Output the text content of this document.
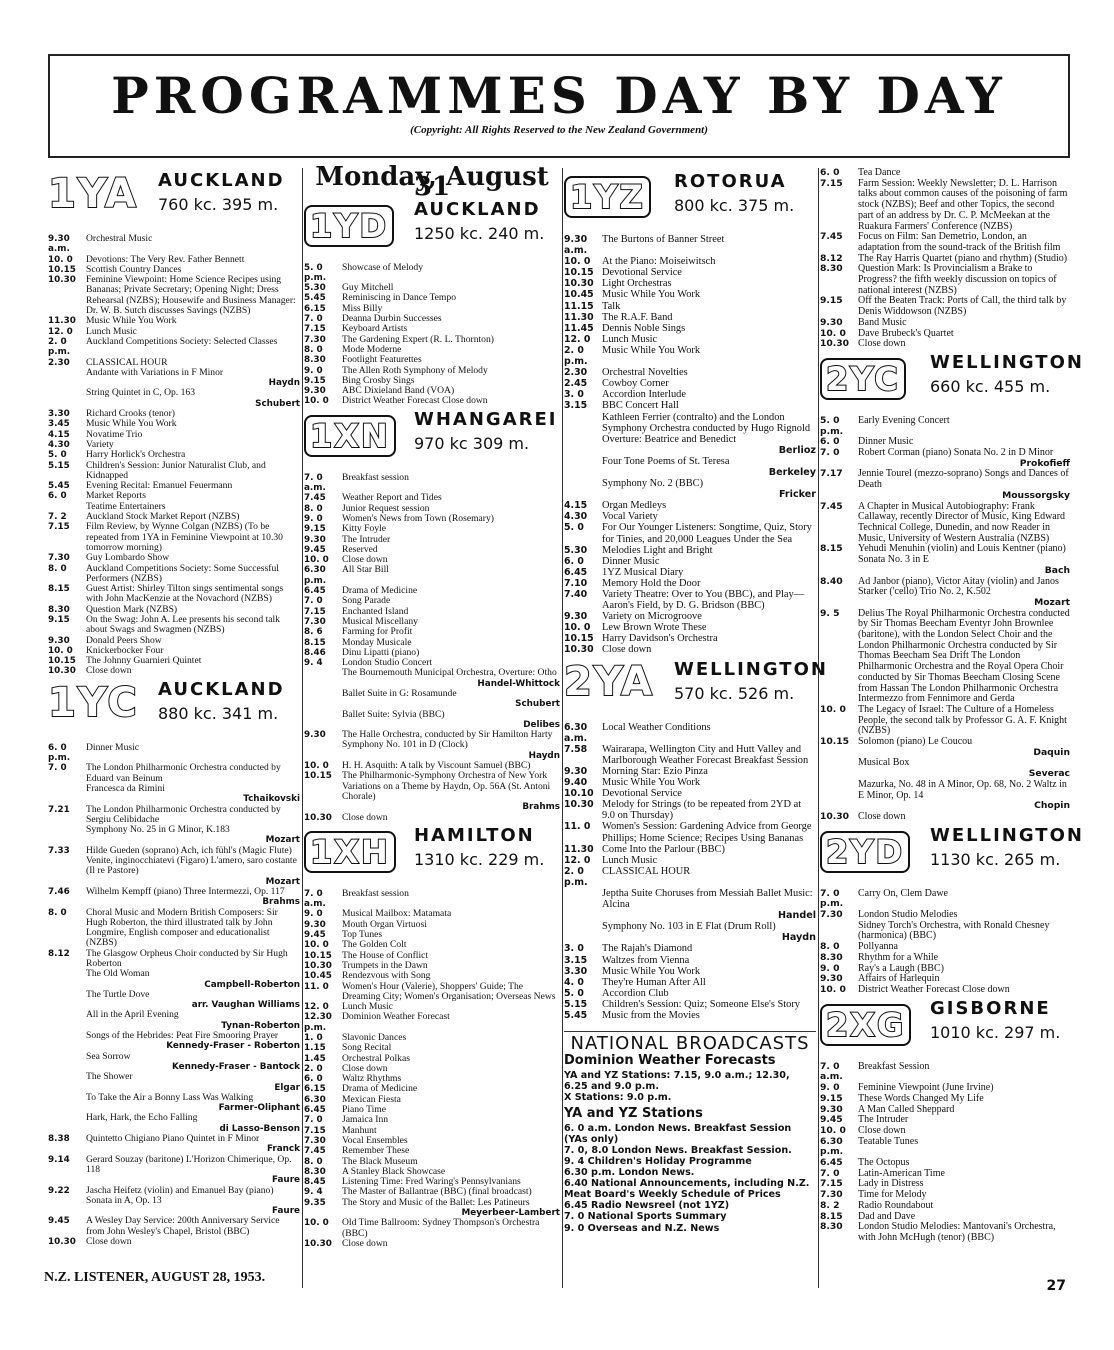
PROGRAMMES DAY BY DAY
(Copyright: All Rights Reserved to the New Zealand Government)
1YA AUCKLAND
760 kc. 395 m.
9.30 a.m.
Orchestral Music
10. 0	Devotions: The Very Rev. Father Bennett
10.15	Scottish Country Dances
10.30	Feminine Viewpoint: Home Science Recipes using Bananas; Private Secretary; Opening Night; Dress Rehearsal (NZBS); Housewife and Business Manager: Dr. W. B. Sutch discusses Savings (NZBS)
11.30	Music While You Work
12. 0	Lunch Music
2. 0 p.m.
Auckland Competitions Society: Selected Classes
2.30	CLASSICAL HOUR
Andante with Variations in F Minor
Haydn
String Quintet in C, Op. 163
Schubert
3.30	Richard Crooks (tenor)
3.45	Music While You Work
4.15	Novatime Trio
4.30	Variety
5. 0	Harry Horlick's Orchestra
5.15	Children's Session: Junior Naturalist Club, and Kidnapped
5.45	Evening Recital: Emanuel Feuermann
6. 0	Market Reports
Teatime Entertainers
7. 2	Auckland Stock Market Report (NZBS)
7.15	Film Review, by Wynne Colgan (NZBS) (To be repeated from 1YA in Feminine Viewpoint at 10.30 tomorrow morning)
7.30	Guy Lombardo Show
8. 0	Auckland Competitions Society: Some Successful Performers (NZBS)
8.15	Guest Artist: Shirley Tilton sings sentimental songs with John MacKenzie at the Novachord (NZBS)
8.30	Question Mark (NZBS)
9.15	On the Swag: John A. Lee presents his second talk about Swags and Swagmen (NZBS)
9.30	Donald Peers Show
10. 0	Knickerbocker Four
10.15	The Johnny Guarnieri Quintet
10.30	Close down
1YC AUCKLAND
880 kc. 341 m.
6. 0 p.m.
Dinner Music
7. 0	The London Philharmonic Orchestra conducted by Eduard van Beinum
Francesca da Rimini
Tchaikovski
7.21	The London Philharmonic Orchestra conducted by Sergiu Celibidache
Symphony No. 25 in G Minor, K.183
Mozart
7.33	Hilde Gueden (soprano) Ach, ich fühl's (Magic Flute) Venite, inginocchiatevi (Figaro) L'amero, saro costante (Il re Pastore)
Mozart
7.46	Wilhelm Kempff (piano) Three Intermezzi, Op. 117
Brahms
8. 0	Choral Music and Modern British Composers: Sir Hugh Roberton, the third illustrated talk by John Longmire, English composer and educationalist (NZBS)
8.12	The Glasgow Orpheus Choir conducted by Sir Hugh Roberton
The Old Woman
Campbell-Roberton
The Turtle Dove
arr. Vaughan Williams
All in the April Evening
Tynan-Roberton
Songs of the Hebrides: Peat Fire Smooring Prayer
Kennedy-Fraser - Roberton
Sea Sorrow
Kennedy-Fraser - Bantock
The Shower
Elgar
To Take the Air a Bonny Lass Was Walking
Farmer-Oliphant
Hark, Hark, the Echo Falling
di Lasso-Benson
8.38	Quintetto Chigiano Piano Quintet in F Minor
Franck
9.14	Gerard Souzay (baritone) L'Horizon Chimerique, Op. 118
Faure
9.22	Jascha Heifetz (violin) and Emanuel Bay (piano) Sonata in A, Op. 13
Faure
9.45	A Wesley Day Service: 200th Anniversary Service from John Wesley's Chapel, Bristol (BBC)
10.30	Close down
Monday, August 31
1YD	AUCKLAND
1250 kc. 240 m.
5. 0 p.m.
Showcase of Melody
5.30	Guy Mitchell
5.45	Reminiscing in Dance Tempo
6.15	Miss Billy
7. 0	Deanna Durbin Successes
7.15	Keyboard Artists
7.30	The Gardening Expert (R. L. Thornton)
8. 0	Mode Moderne
8.30	Footlight Featurettes
9. 0	The Allen Roth Symphony of Melody
9.15	Bing Crosby Sings
9.30	ABC Dixieland Band (VOA)
10. 0	District Weather Forecast Close down
1XN	WHANGAREI
970 kc 309 m.
7. 0 a.m.
Breakfast session
7.45	Weather Report and Tides
8. 0	Junior Request session
9. 0	Women's News from Town (Rosemary)
9.15	Kitty Foyle
9.30	The Intruder
9.45	Reserved
10. 0	Close down
6.30 p.m.
All Star Bill
6.45	Drama of Medicine
7. 0	Song Parade
7.15	Enchanted Island
7.30	Musical Miscellany
8. 6	Farming for Profit
8.15	Monday Musicale
8.46	Dinu Lipatti (piano)
9. 4	London Studio Concert
The Bournemouth Municipal Orchestra, Overture: Otho
Handel-Whittock
Ballet Suite in G: Rosamunde
Schubert
Ballet Suite: Sylvia (BBC)
Delibes
9.30	The Halle Orchestra, conducted by Sir Hamilton Harty Symphony No. 101 in D (Clock)
Haydn
10. 0	H. H. Asquith: A talk by Viscount Samuel (BBC)
10.15	The Philharmonic-Symphony Orchestra of New York Variations on a Theme by Haydn, Op. 56A (St. Antoni Chorale)
Brahms
10.30	Close down
1XH	HAMILTON
1310 kc. 229 m.
7. 0 a.m.
Breakfast session
9. 0	Musical Mailbox: Matamata
9.30	Mouth Organ Virtuosi
9.45	Top Tunes
10. 0	The Golden Colt
10.15	The House of Conflict
10.30	Trumpets in the Dawn
10.45	Rendezvous with Song
11. 0	Women's Hour (Valerie), Shoppers' Guide; The Dreaming City; Women's Organisation; Overseas News
12. 0	Lunch Music
12.30 p.m.
Dominion Weather Forecast
1. 0	Slavonic Dances
1.15	Song Recital
1.45	Orchestral Polkas
2. 0	Close down
6. 0	Waltz Rhythms
6.15	Drama of Medicine
6.30	Mexican Fiesta
6.45	Piano Time
7. 0	Jamaica Inn
7.15	Manhunt
7.30	Vocal Ensembles
7.45	Remember These
8. 0	The Black Museum
8.30	A Stanley Black Showcase
8.45	Listening Time: Fred Waring's Pennsylvanians
9. 4	The Master of Ballantrae (BBC) (final broadcast)
9.35	The Story and Music of the Ballet: Les Patineurs
Meyerbeer-Lambert
10. 0	Old Time Ballroom: Sydney Thompson's Orchestra (BBC)
10.30	Close down
1YZ	ROTORUA
800 kc. 375 m.
9.30 a.m.
The Burtons of Banner Street
10. 0	At the Piano: Moiseiwitsch
10.15 Devotional Service
10.30 Light Orchestras
10.45 Music While You Work
11.15 Talk
11.30 The R.A.F. Band
11.45 Dennis Noble Sings
12. 0	Lunch Music
2. 0 p.m.
Music While You Work
2.30	Orchestral Novelties
2.45	Cowboy Corner
3. 0	Accordion Interlude
3.15	BBC Concert Hall
Kathleen Ferrier (contralto) and the London Symphony Orchestra conducted by Hugo Rignold Overture: Beatrice and Benedict
Berlioz
Four Tone Poems of St. Teresa
Berkeley
Symphony No. 2 (BBC)
Fricker
4.15	Organ Medleys
4.30	Vocal Variety
5. 0	For Our Younger Listeners: Songtime, Quiz, Story for Tinies, and 20,000 Leagues Under the Sea
5.30	Melodies Light and Bright
6. 0	Dinner Music
6.45	1YZ Musical Diary
7.10	Memory Hold the Door
7.40	Variety Theatre: Over to You (BBC), and Play—Aaron's Field, by D. G. Bridson (BBC)
9.30	Variety on Microgroove
10. 0	Lew Brown Wrote These
10.15 Harry Davidson's Orchestra
10.30 Close down
2YA WELLINGTON
570 kc. 526 m.
6.30 a.m.
Local Weather Conditions
7.58	Wairarapa, Wellington City and Hutt Valley and Marlborough Weather Forecast Breakfast Session
9.30	Morning Star: Ezio Pinza
9.40	Music While You Work
10.10 Devotional Service
10.30 Melody for Strings (to be repeated from 2YD at 9.0 on Thursday)
11. 0	Women's Session: Gardening Advice from George Phillips; Home Science; Recipes Using Bananas
11.30 Come Into the Parlour (BBC)
12. 0	Lunch Music
2. 0 p.m.
CLASSICAL HOUR
Jeptha Suite Choruses from Messiah Ballet Music: Alcina
Handel
Symphony No. 103 in E Flat (Drum Roll)
Haydn
3. 0	The Rajah's Diamond
3.15	Waltzes from Vienna
3.30	Music While You Work
4. 0	They're Human After All
5. 0	Accordion Club
5.15	Children's Session: Quiz; Someone Else's Story
5.45	Music from the Movies
NATIONAL BROADCASTS
Dominion Weather Forecasts
YA and YZ Stations: 7.15, 9.0 a.m.; 12.30, 6.25 and 9.0 p.m.
X Stations: 9.0 p.m.
YA and YZ Stations
6. 0 a.m. London News. Breakfast Session (YAs only)
7. 0, 8.0 London News. Breakfast Session.
9. 4 Children's Holiday Programme
6.30 p.m. London News.
6.40 National Announcements, including N.Z. Meat Board's Weekly Schedule of Prices
6.45 Radio Newsreel (not 1YZ)
7. 0 National Sports Summary
9. 0 Overseas and N.Z. News
6. 0	Tea Dance
7.15	Farm Session: Weekly Newsletter; D. L. Harrison talks about common causes of the poisoning of farm stock (NZBS); Beef and other Topics, the second part of an address by Dr. C. P. McMeekan at the Ruakura Farmers' Conference (NZBS)
7.45	Focus on Film: San Demetrio, London, an adaptation from the sound-track of the British film
8.12	The Ray Harris Quartet (piano and rhythm) (Studio)
8.30	Question Mark: Is Provincialism a Brake to Progress? the fifth weekly discussion on topics of national interest (NZBS)
9.15	Off the Beaten Track: Ports of Call, the third talk by Denis Widdowson (NZBS)
9.30	Band Music
10. 0	Dave Brubeck's Quartet
10.30 Close down
2YC	WELLINGTON
660 kc. 455 m.
5. 0 p.m.
Early Evening Concert
6. 0	Dinner Music
7. 0	Robert Corman (piano) Sonata No. 2 in D Minor
Prokofieff
7.17	Jennie Tourel (mezzo-soprano) Songs and Dances of Death
Moussorgsky
7.45	A Chapter in Musical Autobiography: Frank Callaway, recently Director of Music, King Edward Technical College, Dunedin, and now Reader in Music, University of Western Australia (NZBS)
8.15	Yehudi Menuhin (violin) and Louis Kentner (piano) Sonata No. 3 in E
Bach
8.40	Ad Janbor (piano), Victor Aitay (violin) and Janos Starker ('cello) Trio No. 2, K.502
Mozart
9. 5	Delius The Royal Philharmonic Orchestra conducted by Sir Thomas Beecham Eventyr John Brownlee (baritone), with the London Select Choir and the London Philharmonic Orchestra conducted by Sir Thomas Beecham Sea Drift The London Philharmonic Orchestra and the Royal Opera Choir conducted by Sir Thomas Beecham Closing Scene from Hassan The London Philharmonic Orchestra Intermezzo from Fennimore and Gerda
10. 0	The Legacy of Israel: The Culture of a Homeless People, the second talk by Professor G. A. F. Knight (NZBS)
10.15 Solomon (piano) Le Coucou
Daquin
Musical Box
Severac
Mazurka, No. 48 in A Minor, Op. 68, No. 2 Waltz in E Minor, Op. 14
Chopin
10.30 Close down
2YD	WELLINGTON
1130 kc. 265 m.
7. 0 p.m.
Carry On, Clem Dawe
7.30	London Studio Melodies
Sidney Torch's Orchestra, with Ronald Chesney (harmonica) (BBC)
8. 0	Pollyanna
8.30	Rhythm for a While
9. 0	Ray's a Laugh (BBC)
9.30	Affairs of Harlequin
10. 0	District Weather Forecast Close down
2XG	GISBORNE
1010 kc. 297 m.
7. 0 a.m.
Breakfast Session
9. 0	Feminine Viewpoint (June Irvine)
9.15	These Words Changed My Life
9.30	A Man Called Sheppard
9.45	The Intruder
10. 0	Close down
6.30 p.m.
Teatable Tunes
6.45	The Octopus
7. 0	Latin-American Time
7.15	Lady in Distress
7.30	Time for Melody
8. 2	Radio Roundabout
8.15	Dad and Dave
8.30	London Studio Melodies: Mantovani's Orchestra, with John McHugh (tenor) (BBC)
N.Z. LISTENER, AUGUST 28, 1953.
27
